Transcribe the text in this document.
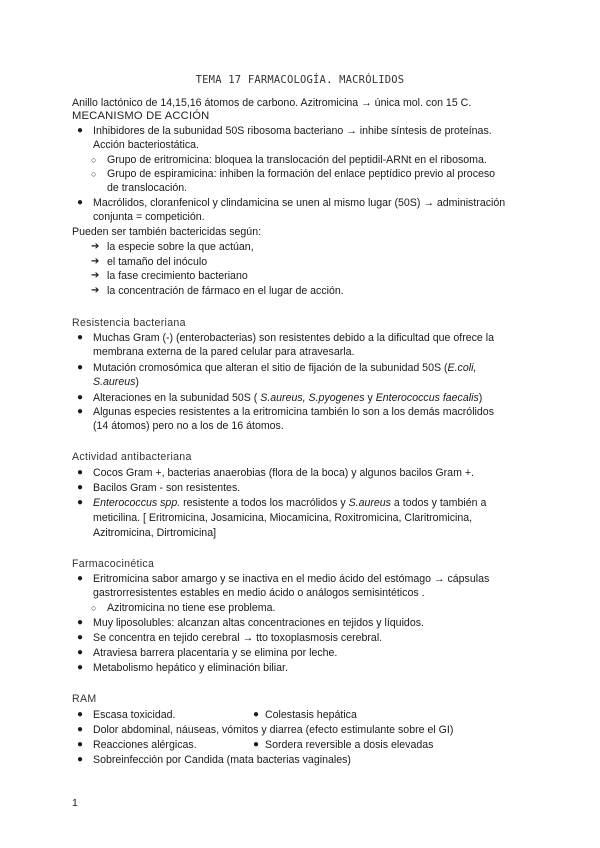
TEMA 17 FARMACOLOGÍA. MACRÓLIDOS
Anillo lactónico de 14,15,16 átomos de carbono. Azitromicina → única mol. con 15 C.
MECANISMO DE ACCIÓN
● Inhibidores de la subunidad 50S ribosoma bacteriano → inhibe síntesis de proteínas.
Acción bacteriostática.
○ Grupo de eritromicina: bloquea la translocación del peptidil-ARNt en el ribosoma.
○ Grupo de espiramicina: inhiben la formación del enlace peptídico previo al proceso
de translocación.
● Macrólidos, cloranfenicol y clindamicina se unen al mismo lugar (50S) → administración
conjunta = competición.
Pueden ser también bactericidas según:
➔ la especie sobre la que actúan,
➔ el tamaño del inóculo
➔ la fase crecimiento bacteriano
➔ la concentración de fármaco en el lugar de acción.
Resistencia bacteriana
● Muchas Gram (-) (enterobacterias) son resistentes debido a la dificultad que ofrece la
membrana externa de la pared celular para atravesarla.
● Mutación cromosómica que alteran el sitio de fijación de la subunidad 50S (E.coli,
S.aureus)
● Alteraciones en la subunidad 50S ( S.aureus, S.pyogenes y Enterococcus faecalis)
● Algunas especies resistentes a la eritromicina también lo son a los demás macrólidos
(14 átomos) pero no a los de 16 átomos.
Actividad antibacteriana
● Cocos Gram +, bacterias anaerobias (flora de la boca) y algunos bacilos Gram +.
● Bacilos Gram - son resistentes.
● Enterococcus spp. resistente a todos los macrólidos y S.aureus a todos y también a
meticilina. [ Eritromicina, Josamicina, Miocamicina, Roxitromicina, Claritromicina,
Azitromicina, Dirtromicina]
Farmacocinética
● Eritromicina sabor amargo y se inactiva en el medio ácido del estómago → cápsulas
gastrorresistentes estables en medio ácido o análogos semisintéticos .
○ Azitromicina no tiene ese problema.
● Muy liposolubles: alcanzan altas concentraciones en tejidos y líquidos.
● Se concentra en tejido cerebral → tto toxoplasmosis cerebral.
● Atraviesa barrera placentaria y se elimina por leche.
● Metabolismo hepático y eliminación biliar.
RAM
● Escasa toxicidad.	● Colestasis hepática
● Dolor abdominal, náuseas, vómitos y diarrea (efecto estimulante sobre el GI)
● Reacciones alérgicas.	● Sordera reversible a dosis elevadas
● Sobreinfección por Candida (mata bacterias vaginales)
1
